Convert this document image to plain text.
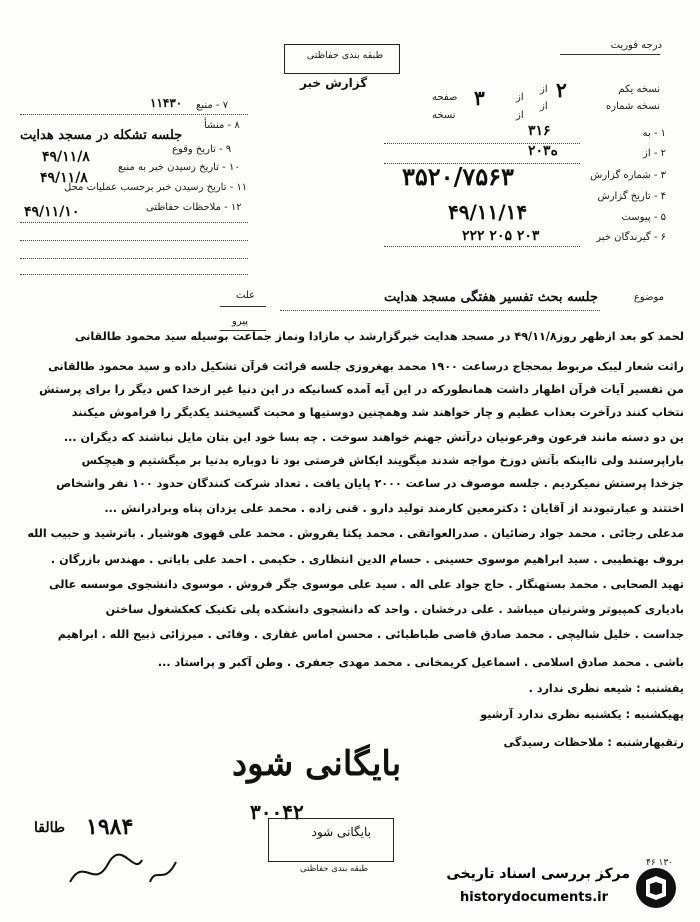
درجه فوریت
طبقه بندی حفاظتی
گزارش خبر	نسخه یکم
نسخه شماره
از
از
صفحه
نسخه
از
از
۲
۳
۱ - به
۳۱۶
۲ - از
۲۰ه۳
۳ - شماره گزارش
۳۵۲۰/۷۵۶۳
۴ - تاریخ گزارش
۴۹/۱۱/۱۴	۵ - پیوست
۶ - گیرندگان خبر
۲۲۲ ۲۰۵ ۲۰۳
۷ - منبع
۱۱۴۳۰
۸ - منشأ
جلسه تشکله در مسجد هدایت
۹ - تاریخ وقوع
۴۹/۱۱/۸
۱۰ - تاریخ رسیدن خبر به منبع
۴۹/۱۱/۸
۱۱ - تاریخ رسیدن خبر برحسب عملیات محل
۱۲ - ملاحظات حفاظتی
۴۹/۱۱/۱۰
علت
پیرو
موضوع
جلسه بحث تفسیر هفتگی مسجد هدایت
لحمد کو بعد ازظهر روز۴۹/۱۱/۸ در مسجد هدایت خبرگزارشد پ مازادا ونماز جماعت بوسیله سید محمود طالقانی
راثت شعار لیبک مربوط بمحجاج درساعت ۱۹۰۰ محمد بهغروزی جلسه قرائت قرآن تشکیل داده و سید محمود طالقانی
من تفسیر آیات قرآن اظهار داشت همانطورکه در این آیه آمده کسانیکه در این دنیا غیر ازخدا کس دیگر را برای پرستش
نتخاب کنند درآخرت بعذاب عظیم و چار خواهند شد وهمچنین دوستیها و محبت گسیختند یکدیگر را فراموش میکنند
ین دو دسته مانند فرعون وفرعونیان درآتش جهنم خواهند سوخت . چه بسا خود این بتان مایل نباشند که دیگران ...
باراپرستند ولی تااینکه بآتش دوزخ مواجه شدند میگویند ایکاش فرصتی بود تا دوباره بدنیا بر میگشتیم و هیچکس
جزخدا پرستش نمیکردیم . جلسه موصوف در ساعت ۲۰۰۰ پایان یافت . تعداد شرکت کنندگان حدود ۱۰۰ نفر واشخاص
اختتند و عبارتبودند از آقایان : دکترمعین کارمند تولید دارو . قنی زاده . محمد علی یزدان پناه وبرادرانش ...
مدعلی رجائی . محمد جواد رضائیان . صدرالعواتقی . محمد یکتا یفروش . محمد علی قهوی هوشیار . باترشید و حبیب الله
بروف بهتطیبی . سید ابراهیم موسوی حسینی . حسام الدین انتظاری . حکیمی . احمد علی باباتی . مهندس بازرگان .
تهید الصحابی . محمد بستهنگار . حاج جواد علی اله . سید علی موسوی جگر فروش . موسوی دانشجوی موسسه عالی
بادیاری کمپیوتر وشرنیان میباشد . علی درخشان . واحد که دانشجوی دانشکده پلی تکنیک کعکشغول ساختن
جداست . خلیل شالیچی . محمد صادق قاضی طباطبائی . محسن اماس غفاری . وفائی . میرزائی ذبیح الله . ابراهیم
باشی . محمد صادق اسلامی . اسماعیل کریمخانی . محمد مهدی جعفری . وطن آکبر و پراستاد ...
یفشنبه : شیعه نظری ندارد .
پهیکشنبه : یکشنبه نظری ندارد آرشیو
رتقبهارشنبه : ملاحظات رسیدگی
بایگانی شود
۳۰۰۴۲
بایگانی شود
طبقه بندی حفاظتی
۱۹۸۴
طالقا
۴۶ ۱۳۰
مرکز بررسی اسناد تاریخی
historydocuments.ir
